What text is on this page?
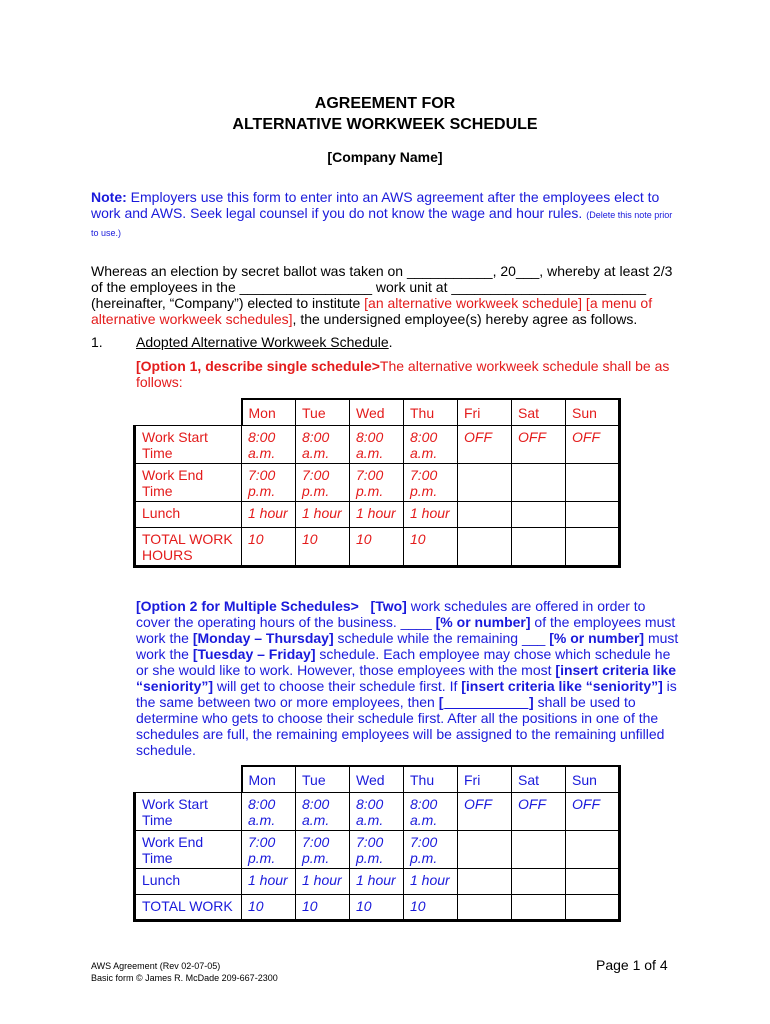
AGREEMENT FOR
ALTERNATIVE WORKWEEK SCHEDULE
[Company Name]
Note: Employers use this form to enter into an AWS agreement after the employees elect to work and AWS. Seek legal counsel if you do not know the wage and hour rules. (Delete this note prior to use.)
Whereas an election by secret ballot was taken on ___________, 20___, whereby at least 2/3 of the employees in the _________________ work unit at _________________________ (hereinafter, “Company”) elected to institute [an alternative workweek schedule] [a menu of alternative workweek schedules], the undersigned employee(s) hereby agree as follows.
1. Adopted Alternative Workweek Schedule.
[Option 1, describe single schedule>The alternative workweek schedule shall be as follows:
	Mon	Tue	Wed	Thu	Fri	Sat	Sun
Work Start Time	8:00 a.m.	8:00 a.m.	8:00 a.m.	8:00 a.m.	OFF	OFF	OFF
Work End Time	7:00 p.m.	7:00 p.m.	7:00 p.m.	7:00 p.m.			
Lunch	1 hour	1 hour	1 hour	1 hour			
TOTAL WORK HOURS	10	10	10	10			
[Option 2 for Multiple Schedules> [Two] work schedules are offered in order to cover the operating hours of the business. ____ [% or number] of the employees must work the [Monday – Thursday] schedule while the remaining ___ [% or number] must work the [Tuesday – Friday] schedule. Each employee may chose which schedule he or she would like to work. However, those employees with the most [insert criteria like “seniority”] will get to choose their schedule first. If [insert criteria like “seniority”] is the same between two or more employees, then [___________] shall be used to determine who gets to choose their schedule first. After all the positions in one of the schedules are full, the remaining employees will be assigned to the remaining unfilled schedule.
	Mon	Tue	Wed	Thu	Fri	Sat	Sun
Work Start Time	8:00 a.m.	8:00 a.m.	8:00 a.m.	8:00 a.m.	OFF	OFF	OFF
Work End Time	7:00 p.m.	7:00 p.m.	7:00 p.m.	7:00 p.m.			
Lunch	1 hour	1 hour	1 hour	1 hour			
TOTAL WORK	10	10	10	10			
AWS Agreement (Rev 02-07-05)
Basic form © James R. McDade 209-667-2300
Page 1 of 4
